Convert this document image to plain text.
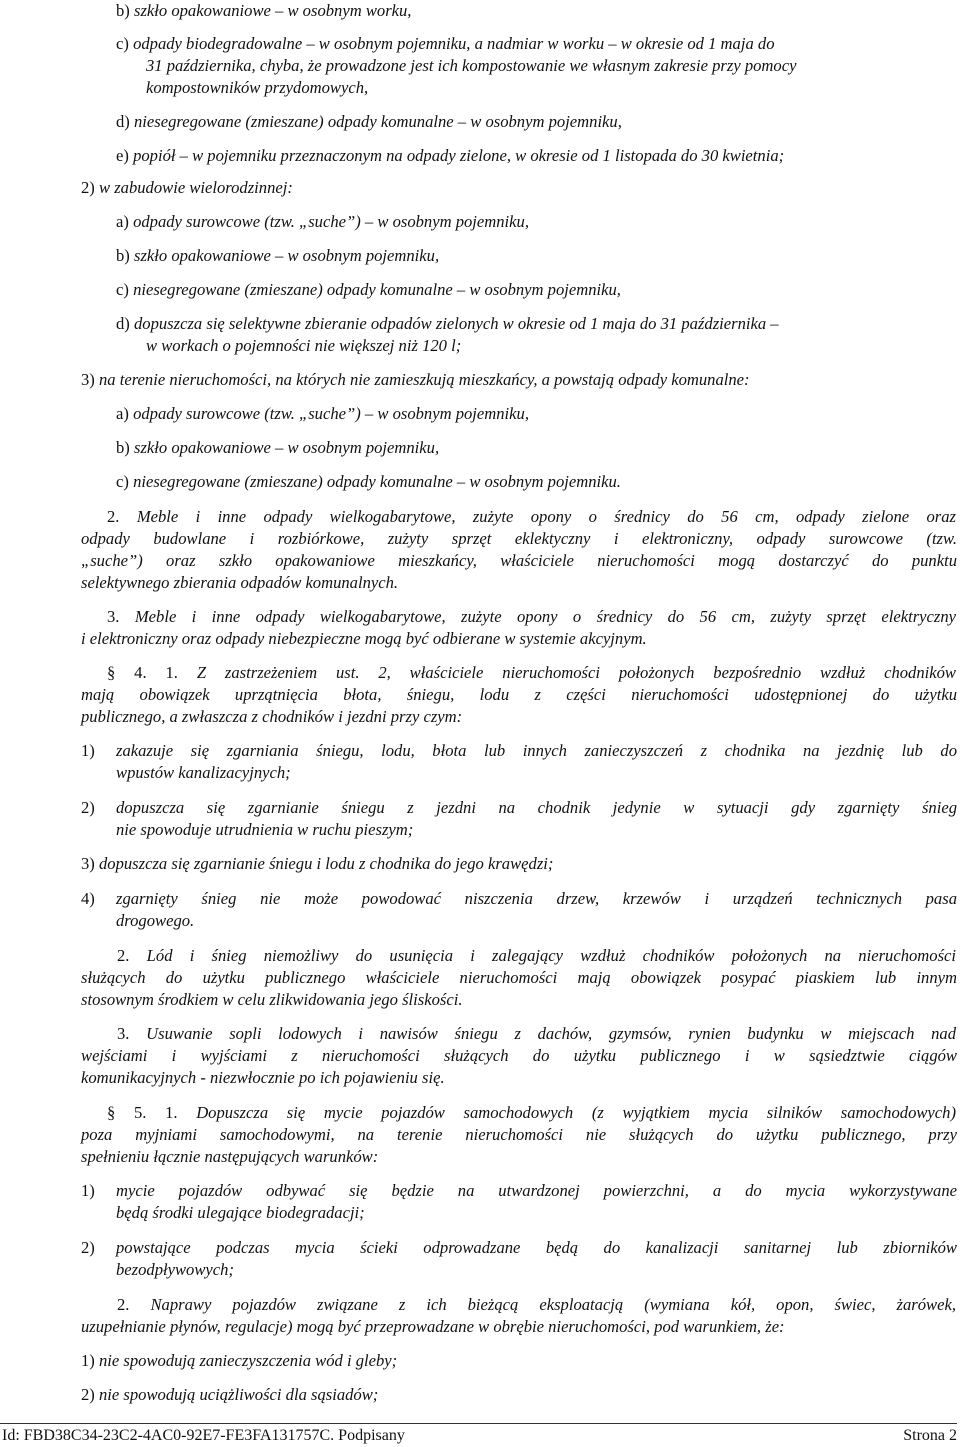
b) szkło opakowaniowe – w osobnym worku,
c) odpady biodegradowalne – w osobnym pojemniku, a nadmiar w worku – w okresie od 1 maja do
31 października, chyba, że prowadzone jest ich kompostowanie we własnym zakresie przy pomocy
kompostowników przydomowych,
d) niesegregowane (zmieszane) odpady komunalne – w osobnym pojemniku,
e) popiół – w pojemniku przeznaczonym na odpady zielone, w okresie od 1 listopada do 30 kwietnia;
2) w zabudowie wielorodzinnej:
a) odpady surowcowe (tzw. „suche”) – w osobnym pojemniku,
b) szkło opakowaniowe – w osobnym pojemniku,
c) niesegregowane (zmieszane) odpady komunalne – w osobnym pojemniku,
d) dopuszcza się selektywne zbieranie odpadów zielonych w okresie od 1 maja do 31 października –
w workach o pojemności nie większej niż 120 l;
3) na terenie nieruchomości, na których nie zamieszkują mieszkańcy, a powstają odpady komunalne:
a) odpady surowcowe (tzw. „suche”) – w osobnym pojemniku,
b) szkło opakowaniowe – w osobnym pojemniku,
c) niesegregowane (zmieszane) odpady komunalne – w osobnym pojemniku.
2. Meble i inne odpady wielkogabarytowe, zużyte opony o średnicy do 56 cm, odpady zielone oraz
odpady budowlane i rozbiórkowe, zużyty sprzęt eklektyczny i elektroniczny, odpady surowcowe (tzw.
„suche”) oraz szkło opakowaniowe mieszkańcy, właściciele nieruchomości mogą dostarczyć do punktu
selektywnego zbierania odpadów komunalnych.
3. Meble i inne odpady wielkogabarytowe, zużyte opony o średnicy do 56 cm, zużyty sprzęt elektryczny
i elektroniczny oraz odpady niebezpieczne mogą być odbierane w systemie akcyjnym.
§ 4. 1. Z zastrzeżeniem ust. 2, właściciele nieruchomości położonych bezpośrednio wzdłuż chodników
mają obowiązek uprzątnięcia błota, śniegu, lodu z części nieruchomości udostępnionej do użytku
publicznego, a zwłaszcza z chodników i jezdni przy czym:
1) zakazuje się zgarniania śniegu, lodu, błota lub innych zanieczyszczeń z chodnika na jezdnię lub do
wpustów kanalizacyjnych;
2) dopuszcza się zgarnianie śniegu z jezdni na chodnik jedynie w sytuacji gdy zgarnięty śnieg
nie spowoduje utrudnienia w ruchu pieszym;
3) dopuszcza się zgarnianie śniegu i lodu z chodnika do jego krawędzi;
4) zgarnięty śnieg nie może powodować niszczenia drzew, krzewów i urządzeń technicznych pasa
drogowego.
2. Lód i śnieg niemożliwy do usunięcia i zalegający wzdłuż chodników położonych na nieruchomości
służących do użytku publicznego właściciele nieruchomości mają obowiązek posypać piaskiem lub innym
stosownym środkiem w celu zlikwidowania jego śliskości.
3. Usuwanie sopli lodowych i nawisów śniegu z dachów, gzymsów, rynien budynku w miejscach nad
wejściami i wyjściami z nieruchomości służących do użytku publicznego i w sąsiedztwie ciągów
komunikacyjnych - niezwłocznie po ich pojawieniu się.
§ 5. 1. Dopuszcza się mycie pojazdów samochodowych (z wyjątkiem mycia silników samochodowych)
poza myjniami samochodowymi, na terenie nieruchomości nie służących do użytku publicznego, przy
spełnieniu łącznie następujących warunków:
1) mycie pojazdów odbywać się będzie na utwardzonej powierzchni, a do mycia wykorzystywane
będą środki ulegające biodegradacji;
2) powstające podczas mycia ścieki odprowadzane będą do kanalizacji sanitarnej lub zbiorników
bezodpływowych;
2. Naprawy pojazdów związane z ich bieżącą eksploatacją (wymiana kół, opon, świec, żarówek,
uzupełnianie płynów, regulacje) mogą być przeprowadzane w obrębie nieruchomości, pod warunkiem, że:
1) nie spowodują zanieczyszczenia wód i gleby;
2) nie spowodują uciążliwości dla sąsiadów;
Id: FBD38C34-23C2-4AC0-92E7-FE3FA131757C. Podpisany	Strona 2
